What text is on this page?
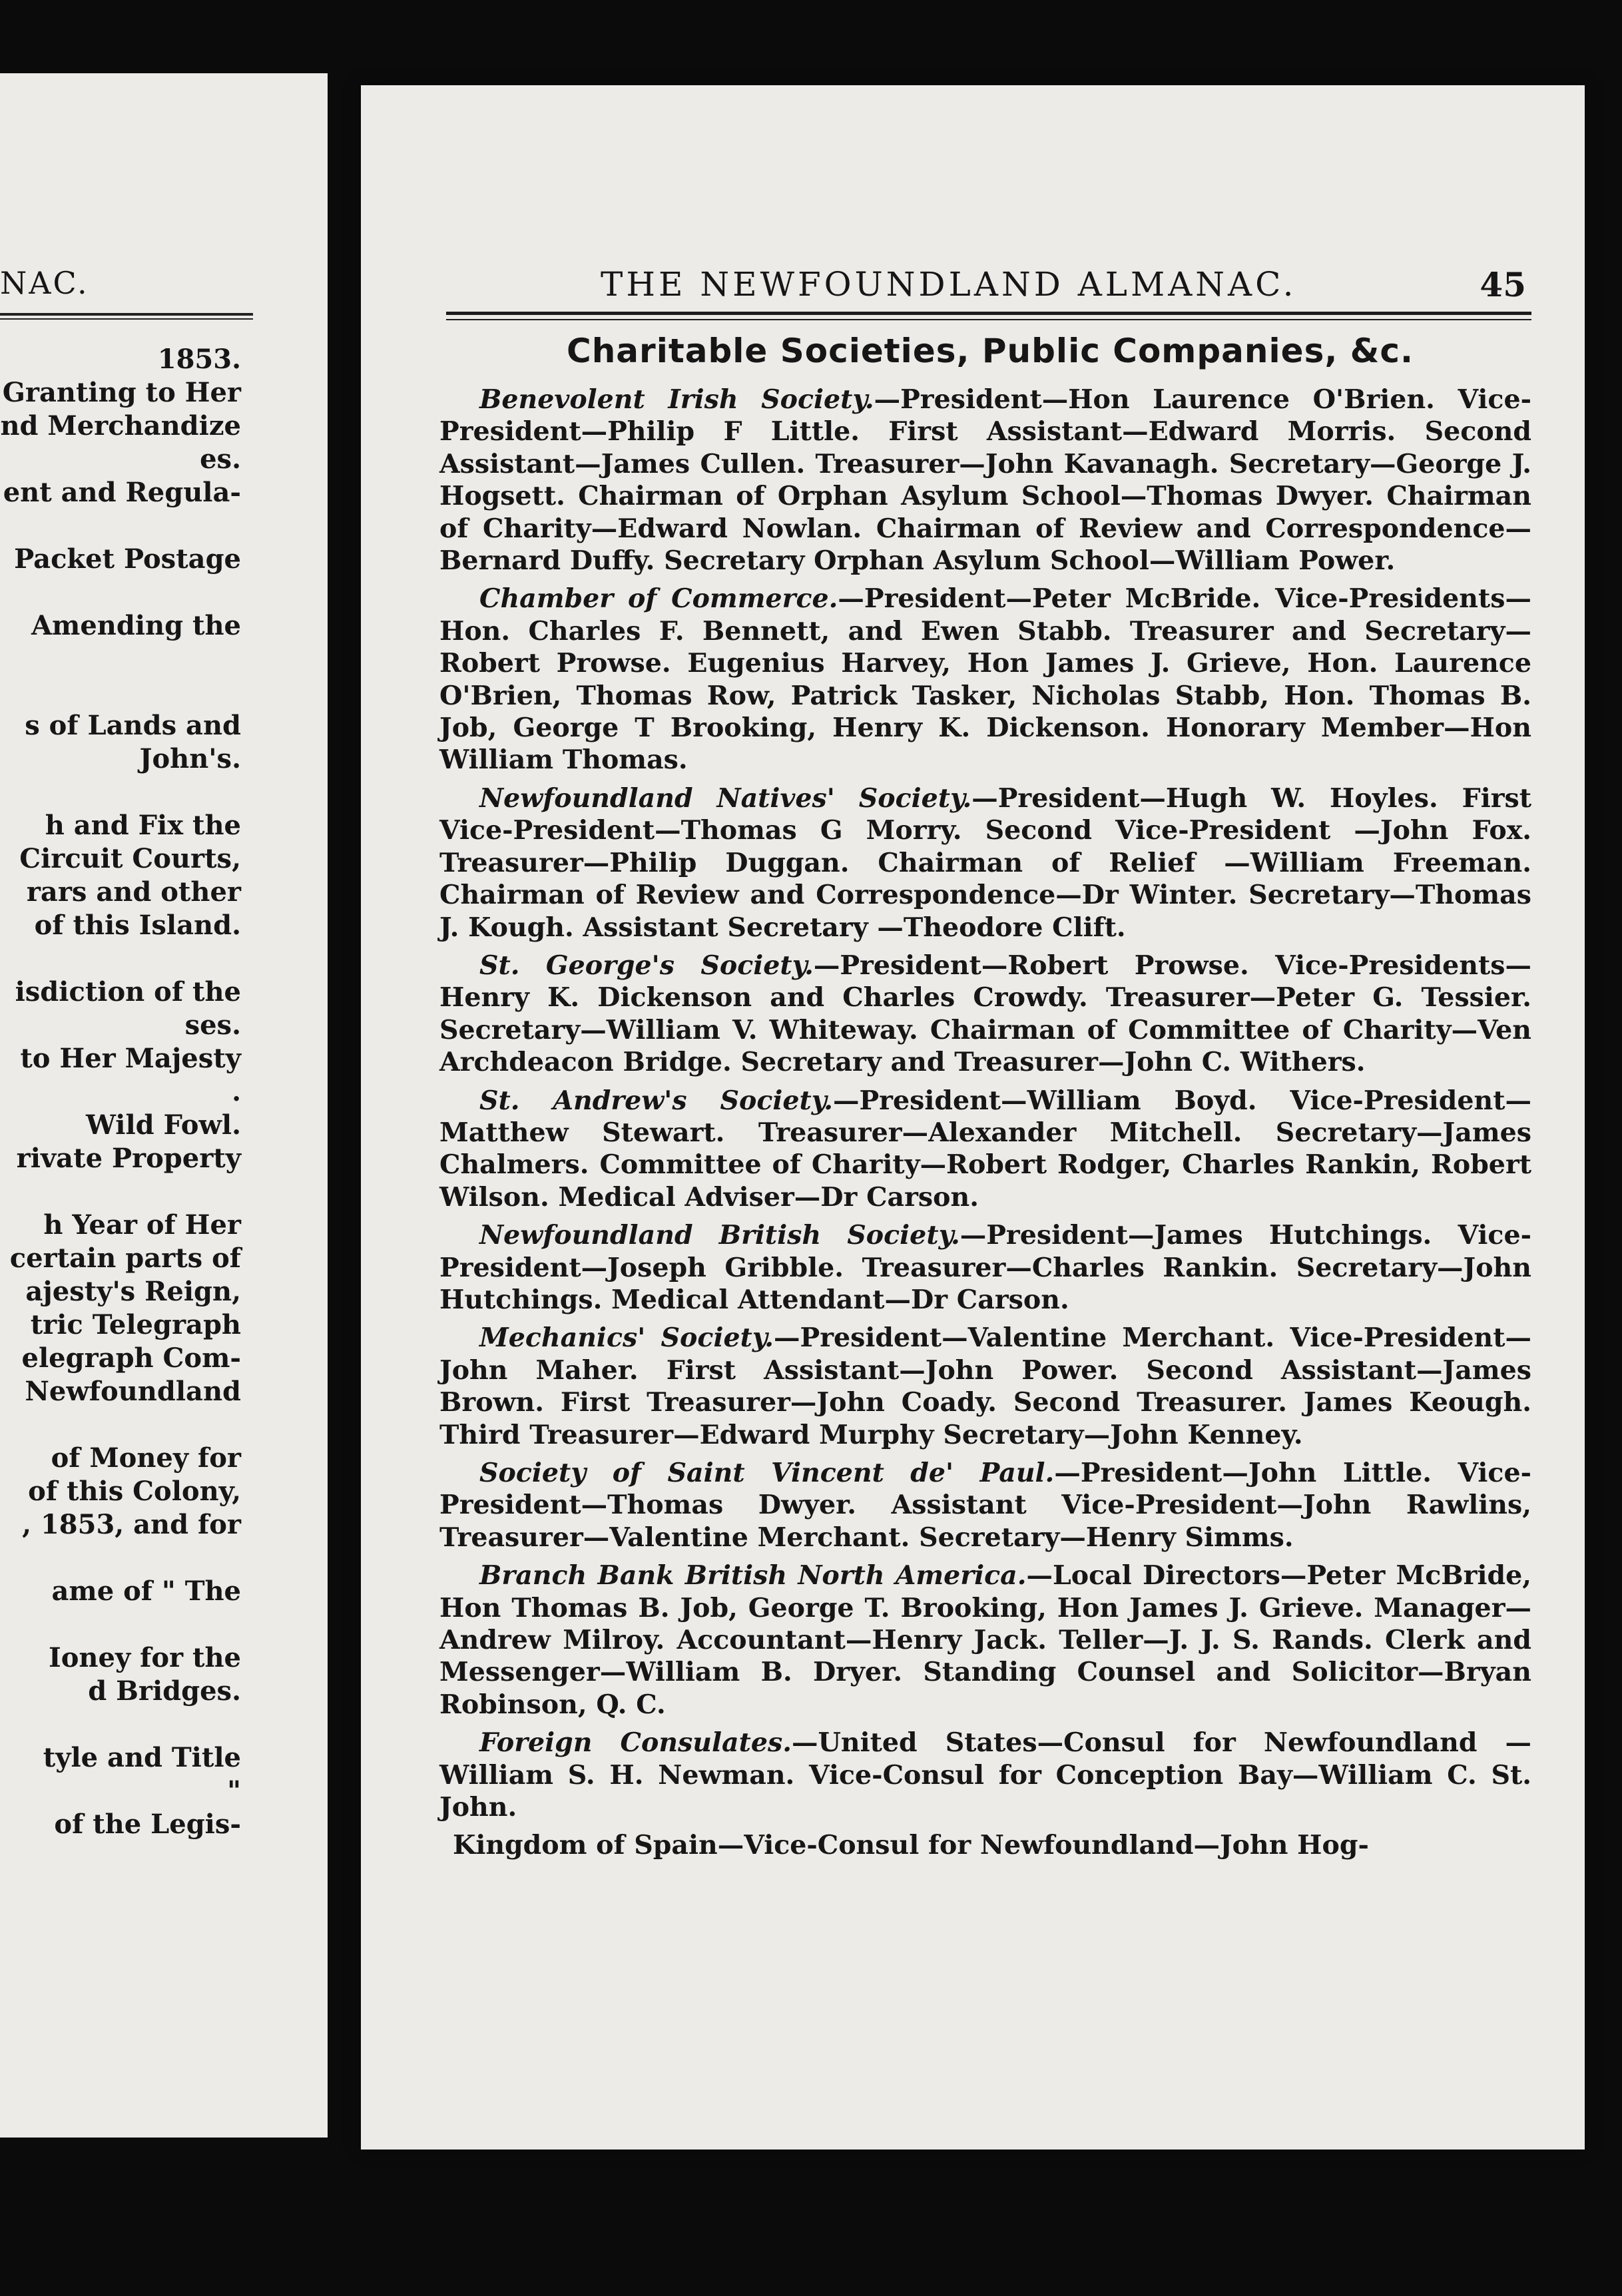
NAC.
1853.
Granting to Her
nd Merchandize
es.
ent and Regula-
Packet Postage
Amending the
s of Lands and
John's.
h and Fix the
Circuit Courts,
rars and other
of this Island.
isdiction of the
ses.
to Her Majesty
.
Wild Fowl.
rivate Property
h Year of Her
certain parts of
ajesty's Reign,
tric Telegraph
elegraph Com-
Newfoundland
of Money for
of this Colony,
, 1853, and for
ame of " The
Ioney for the
d Bridges.
tyle and Title
"
of the Legis-
THE NEWFOUNDLAND ALMANAC.	45
Charitable Societies, Public Companies, &c.

Benevolent Irish Society.—President—Hon Laurence O'Brien. Vice-President—Philip F Little. First Assistant—Edward Morris. Second Assistant—James Cullen. Treasurer—John Kavanagh. Secretary—George J. Hogsett. Chairman of Orphan Asylum School—Thomas Dwyer. Chairman of Charity—Edward Nowlan. Chairman of Review and Correspondence—Bernard Duffy. Secretary Orphan Asylum School—William Power.

Chamber of Commerce.—President—Peter McBride. Vice-Presidents—Hon. Charles F. Bennett, and Ewen Stabb. Treasurer and Secretary—Robert Prowse. Eugenius Harvey, Hon James J. Grieve, Hon. Laurence O'Brien, Thomas Row, Patrick Tasker, Nicholas Stabb, Hon. Thomas B. Job, George T Brooking, Henry K. Dickenson. Honorary Member—Hon William Thomas.

Newfoundland Natives' Society.—President—Hugh W. Hoyles. First Vice-President—Thomas G Morry. Second Vice-President —John Fox. Treasurer—Philip Duggan. Chairman of Relief —William Freeman. Chairman of Review and Correspondence—Dr Winter. Secretary—Thomas J. Kough. Assistant Secretary —Theodore Clift.

St. George's Society.—President—Robert Prowse. Vice-Presidents—Henry K. Dickenson and Charles Crowdy. Treasurer—Peter G. Tessier. Secretary—William V. Whiteway. Chairman of Committee of Charity—Ven Archdeacon Bridge. Secretary and Treasurer—John C. Withers.

St. Andrew's Society.—President—William Boyd. Vice-President—Matthew Stewart. Treasurer—Alexander Mitchell. Secretary—James Chalmers. Committee of Charity—Robert Rodger, Charles Rankin, Robert Wilson. Medical Adviser—Dr Carson.

Newfoundland British Society.—President—James Hutchings. Vice-President—Joseph Gribble. Treasurer—Charles Rankin. Secretary—John Hutchings. Medical Attendant—Dr Carson.

Mechanics' Society.—President—Valentine Merchant. Vice-President—John Maher. First Assistant—John Power. Second Assistant—James Brown. First Treasurer—John Coady. Second Treasurer. James Keough. Third Treasurer—Edward Murphy Secretary—John Kenney.

Society of Saint Vincent de' Paul.—President—John Little. Vice-President—Thomas Dwyer. Assistant Vice-President—John Rawlins, Treasurer—Valentine Merchant. Secretary—Henry Simms.

Branch Bank British North America.—Local Directors—Peter McBride, Hon Thomas B. Job, George T. Brooking, Hon James J. Grieve. Manager—Andrew Milroy. Accountant—Henry Jack. Teller—J. J. S. Rands. Clerk and Messenger—William B. Dryer. Standing Counsel and Solicitor—Bryan Robinson, Q. C.

Foreign Consulates.—United States—Consul for Newfoundland —William S. H. Newman. Vice-Consul for Conception Bay—William C. St. John.

Kingdom of Spain—Vice-Consul for Newfoundland—John Hog-
